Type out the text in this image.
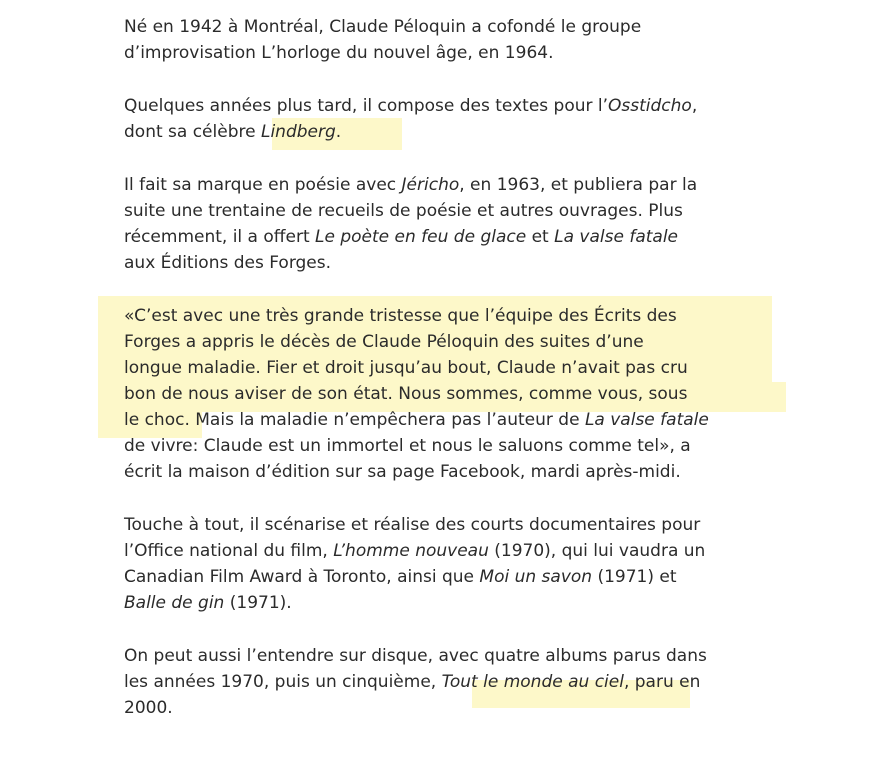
Né en 1942 à Montréal, Claude Péloquin a cofondé le groupe
d’improvisation L’horloge du nouvel âge, en 1964.

Quelques années plus tard, il compose des textes pour l’Osstidcho,
dont sa célèbre Lindberg.

Il fait sa marque en poésie avec Jéricho, en 1963, et publiera par la
suite une trentaine de recueils de poésie et autres ouvrages. Plus
récemment, il a offert Le poète en feu de glace et La valse fatale
aux Éditions des Forges.

«C’est avec une très grande tristesse que l’équipe des Écrits des
Forges a appris le décès de Claude Péloquin des suites d’une
longue maladie. Fier et droit jusqu’au bout, Claude n’avait pas cru
bon de nous aviser de son état. Nous sommes, comme vous, sous
le choc. Mais la maladie n’empêchera pas l’auteur de La valse fatale
de vivre: Claude est un immortel et nous le saluons comme tel», a
écrit la maison d’édition sur sa page Facebook, mardi après-midi.

Touche à tout, il scénarise et réalise des courts documentaires pour
l’Office national du film, L’homme nouveau (1970), qui lui vaudra un
Canadian Film Award à Toronto, ainsi que Moi un savon (1971) et
Balle de gin (1971).

On peut aussi l’entendre sur disque, avec quatre albums parus dans
les années 1970, puis un cinquième, Tout le monde au ciel, paru en
2000.
